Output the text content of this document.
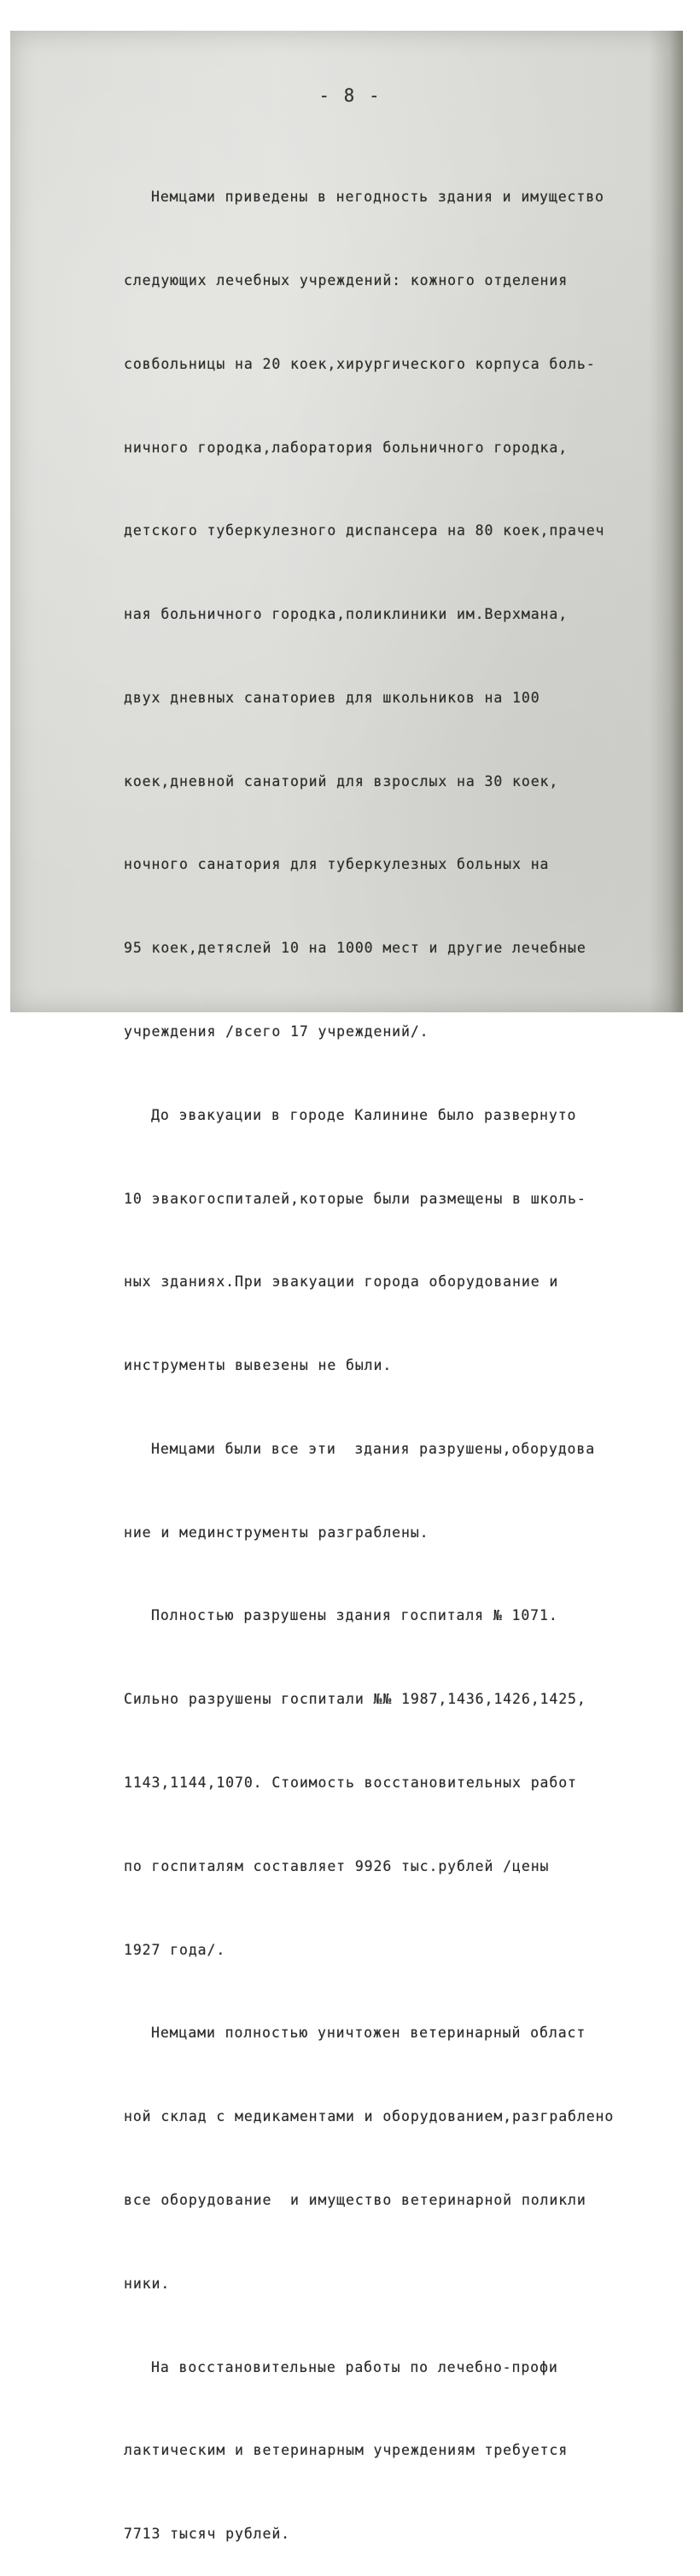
- 8 -

Немцами приведены в негодность здания и имущество

следующих лечебных учреждений: кожного отделения

совбольницы на 20 коек,хирургического корпуса боль-

ничного городка,лаборатория больничного городка,

детского туберкулезного диспансера на 80 коек,прачеч

ная больничного городка,поликлиники им.Верхмана,

двух дневных санаториев для школьников на 100

коек,дневной санаторий для взрослых на 30 коек,

ночного санатория для туберкулезных больных на

95 коек,детяслей 10 на 1000 мест и другие лечебные

учреждения /всего 17 учреждений/.

До эвакуации в городе Калинине было развернуто

10 эвакогоспиталей,которые были размещены в школь-

ных зданиях.При эвакуации города оборудование и

инструменты вывезены не были.

Немцами были все эти  здания разрушены,оборудова

ние и мединструменты разграблены.

Полностью разрушены здания госпиталя № 1071.

Сильно разрушены госпитали №№ 1987,1436,1426,1425,

1143,1144,1070. Стоимость восстановительных работ

по госпиталям составляет 9926 тыс.рублей /цены

1927 года/.

Немцами полностью уничтожен ветеринарный област

ной склад с медикаментами и оборудованием,разграблено

все оборудование  и имущество ветеринарной поликли

ники.

На восстановительные работы по лечебно-профи

лактическим и ветеринарным учреждениям требуется

7713 тысяч рублей.
